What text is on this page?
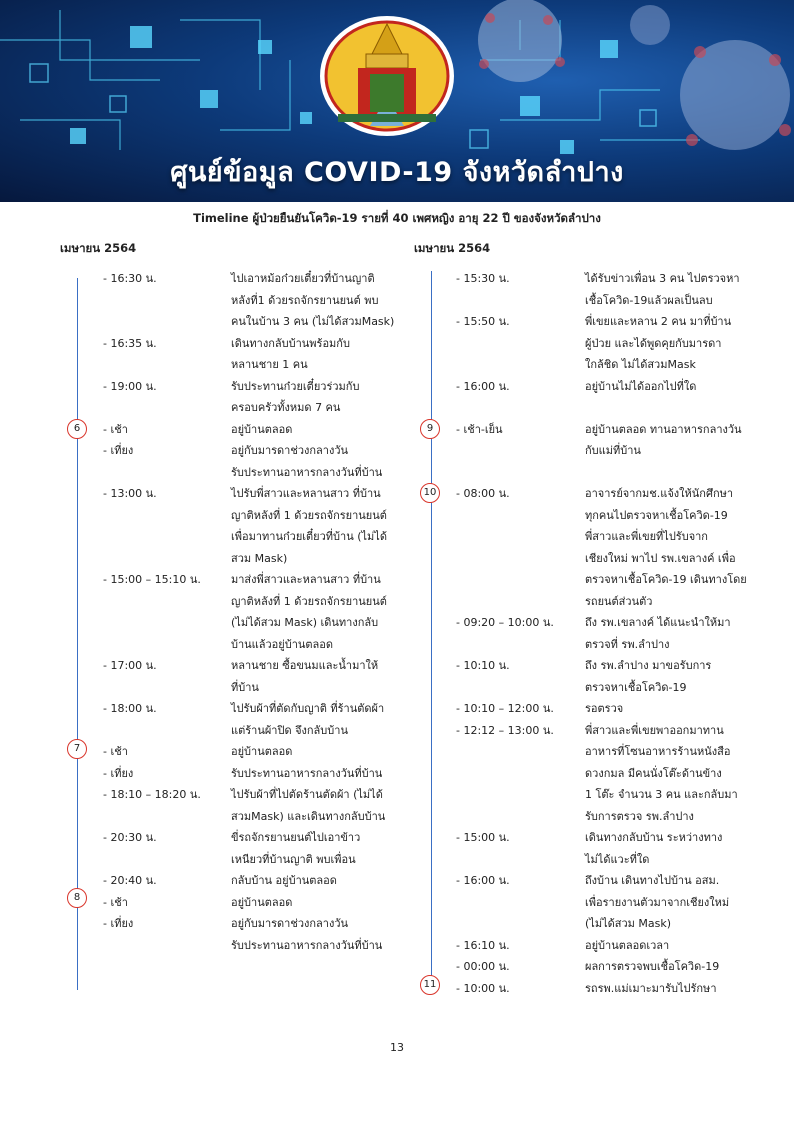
ศูนย์ข้อมูล COVID-19 จังหวัดลำปาง
Timeline ผู้ป่วยยืนยันโควิด-19 รายที่ 40 เพศหญิง อายุ 22 ปี ของจังหวัดลำปาง
เมษายน 2564	เมษายน 2564
6
7
8
9
10
11
- 16:30 น.	ไปเอาหม้อก๋วยเตี๋ยวที่บ้านญาติ
หลังที่1 ด้วยรถจักรยานยนต์ พบ
คนในบ้าน 3 คน (ไม่ได้สวมMask)
- 16:35 น.	เดินทางกลับบ้านพร้อมกับ
หลานชาย 1 คน
- 19:00 น.	รับประทานก๋วยเตี๋ยวร่วมกับ
ครอบครัวทั้งหมด 7 คน
- เช้า	อยู่บ้านตลอด
- เที่ยง	อยู่กับมารดาช่วงกลางวัน
รับประทานอาหารกลางวันที่บ้าน
- 13:00 น.	ไปรับพี่สาวและหลานสาว ที่บ้าน
ญาติหลังที่ 1 ด้วยรถจักรยานยนต์
เพื่อมาทานก๋วยเตี๋ยวที่บ้าน (ไม่ได้
สวม Mask)
- 15:00 – 15:10 น.	มาส่งพี่สาวและหลานสาว ที่บ้าน
ญาติหลังที่ 1 ด้วยรถจักรยานยนต์
(ไม่ได้สวม Mask) เดินทางกลับ
บ้านแล้วอยู่บ้านตลอด
- 17:00 น.	หลานชาย ซื้อขนมและน้ำมาให้
ที่บ้าน
- 18:00 น.	ไปรับผ้าที่ตัดกับญาติ ที่ร้านตัดผ้า
แต่ร้านผ้าปิด จึงกลับบ้าน
- เช้า	อยู่บ้านตลอด
- เที่ยง	รับประทานอาหารกลางวันที่บ้าน
- 18:10 – 18:20 น.	ไปรับผ้าที่ไปตัดร้านตัดผ้า (ไม่ได้
สวมMask) และเดินทางกลับบ้าน
- 20:30 น.	ขี่รถจักรยานยนต์ไปเอาข้าว
เหนียวที่บ้านญาติ พบเพื่อน
- 20:40 น.	กลับบ้าน อยู่บ้านตลอด
- เช้า	อยู่บ้านตลอด
- เที่ยง	อยู่กับมารดาช่วงกลางวัน
รับประทานอาหารกลางวันที่บ้าน
- 15:30 น.	ได้รับข่าวเพื่อน 3 คน ไปตรวจหา
เชื้อโควิด-19แล้วผลเป็นลบ
- 15:50 น.	พี่เขยและหลาน 2 คน มาที่บ้าน
ผู้ป่วย และได้พูดคุยกับมารดา
ใกล้ชิด ไม่ได้สวมMask
- 16:00 น.	อยู่บ้านไม่ได้ออกไปที่ใด
- เช้า-เย็น	อยู่บ้านตลอด ทานอาหารกลางวัน
กับแม่ที่บ้าน
- 08:00 น.	อาจารย์จากมช.แจ้งให้นักศึกษา
ทุกคนไปตรวจหาเชื้อโควิด-19
พี่สาวและพี่เขยที่ไปรับจาก
เชียงใหม่ พาไป รพ.เขลางค์ เพื่อ
ตรวจหาเชื้อโควิด-19 เดินทางโดย
รถยนต์ส่วนตัว
- 09:20 – 10:00 น.	ถึง รพ.เขลางค์ ได้แนะนำให้มา
ตรวจที่ รพ.ลำปาง
- 10:10 น.	ถึง รพ.ลำปาง มาขอรับการ
ตรวจหาเชื้อโควิด-19
- 10:10 – 12:00 น.	รอตรวจ
- 12:12 – 13:00 น.	พี่สาวและพี่เขยพาออกมาทาน
อาหารที่โซนอาหารร้านหนังสือ
ดวงกมล มีคนนั่งโต๊ะด้านข้าง
1 โต๊ะ จำนวน 3 คน และกลับมา
รับการตรวจ รพ.ลำปาง
- 15:00 น.	เดินทางกลับบ้าน ระหว่างทาง
ไม่ได้แวะที่ใด
- 16:00 น.	ถึงบ้าน เดินทางไปบ้าน อสม.
เพื่อรายงานตัวมาจากเชียงใหม่
(ไม่ได้สวม Mask)
- 16:10 น.	อยู่บ้านตลอดเวลา
- 00:00 น.	ผลการตรวจพบเชื้อโควิด-19
- 10:00 น.	รถรพ.แม่เมาะมารับไปรักษา
13
